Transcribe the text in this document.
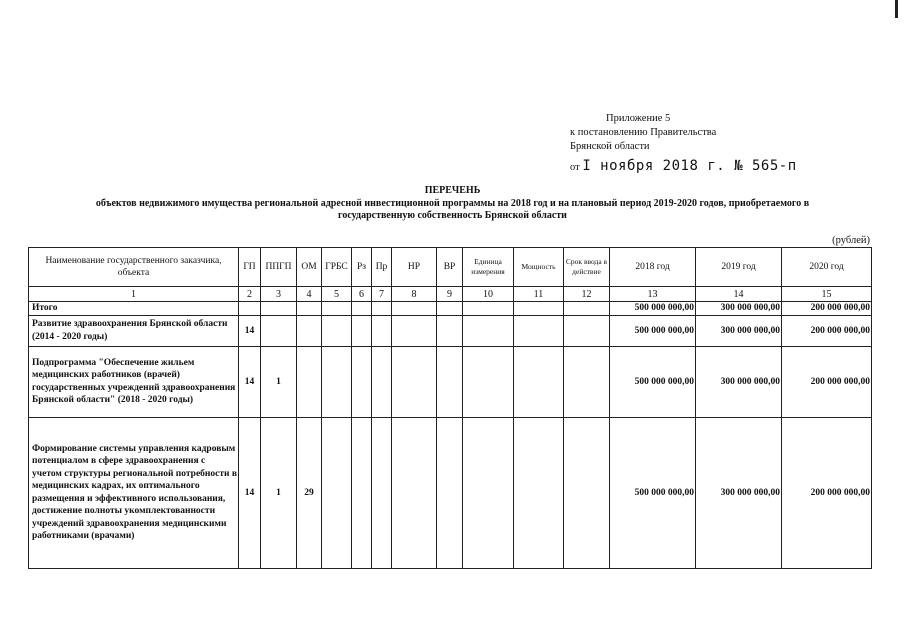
Приложение 5
к постановлению Правительства
Брянской области
от I ноября 2018 г. № 565-п
ПЕРЕЧЕНЬ
объектов недвижимого имущества региональной адресной инвестиционной программы на 2018 год и на плановый период 2019-2020 годов, приобретаемого в
государственную собственность Брянской области
(рублей)
Наименование государственного заказчика, объекта	ГП	ППГП	ОМ	ГРБС	Рз	Пр	НР	ВР	Единица измерения	Мощность	Срок ввода в действие	2018 год	2019 год	2020 год
1	2	3	4	5	6	7	8	9	10	11	12	13	14	15
Итого												500 000 000,00	300 000 000,00	200 000 000,00
Развитие здравоохранения Брянской области (2014 - 2020 годы)	14											500 000 000,00	300 000 000,00	200 000 000,00
Подпрограмма "Обеспечение жильем медицинских работников (врачей) государственных учреждений здравоохранения Брянской области" (2018 - 2020 годы)	14	1										500 000 000,00	300 000 000,00	200 000 000,00
Формирование системы управления кадровым потенциалом в сфере здравоохранения с учетом структуры региональной потребности в медицинских кадрах, их оптимального размещения и эффективного использования, достижение полноты укомплектованности учреждений здравоохранения медицинскими работниками (врачами)	14	1	29									500 000 000,00	300 000 000,00	200 000 000,00
